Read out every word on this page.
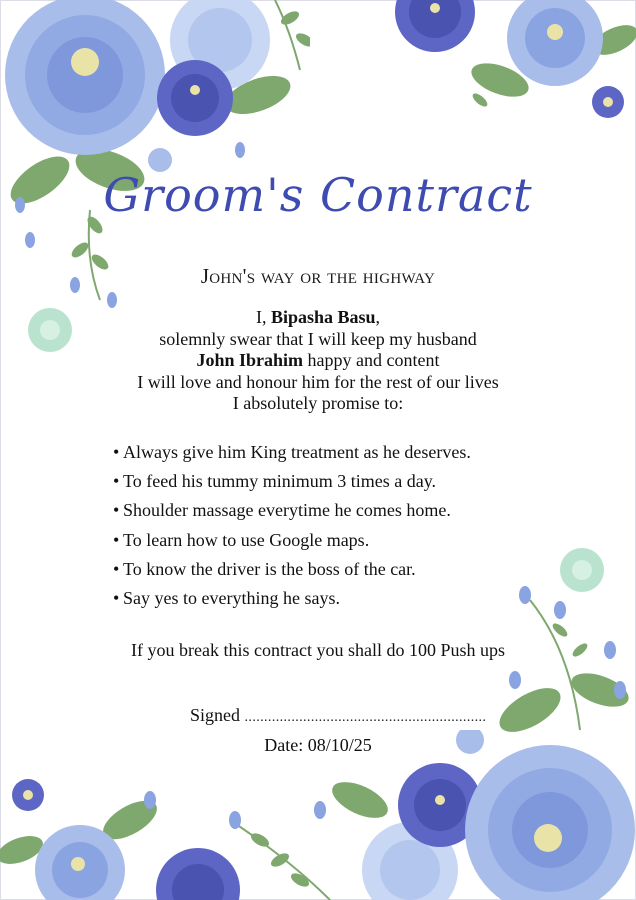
Groom's Contract
John's way or the highway
I, Bipasha Basu,
solemnly swear that I will keep my husband
John Ibrahim happy and content
I will love and honour him for the rest of our lives
I absolutely promise to:
• Always give him King treatment as he deserves.
• To feed his tummy minimum 3 times a day.
• Shoulder massage everytime he comes home.
• To learn how to use Google maps.
• To know the driver is the boss of the car.
• Say yes to everything he says.
If you break this contract you shall do 100 Push ups
Signed ..............................................................
Date: 08/10/25
